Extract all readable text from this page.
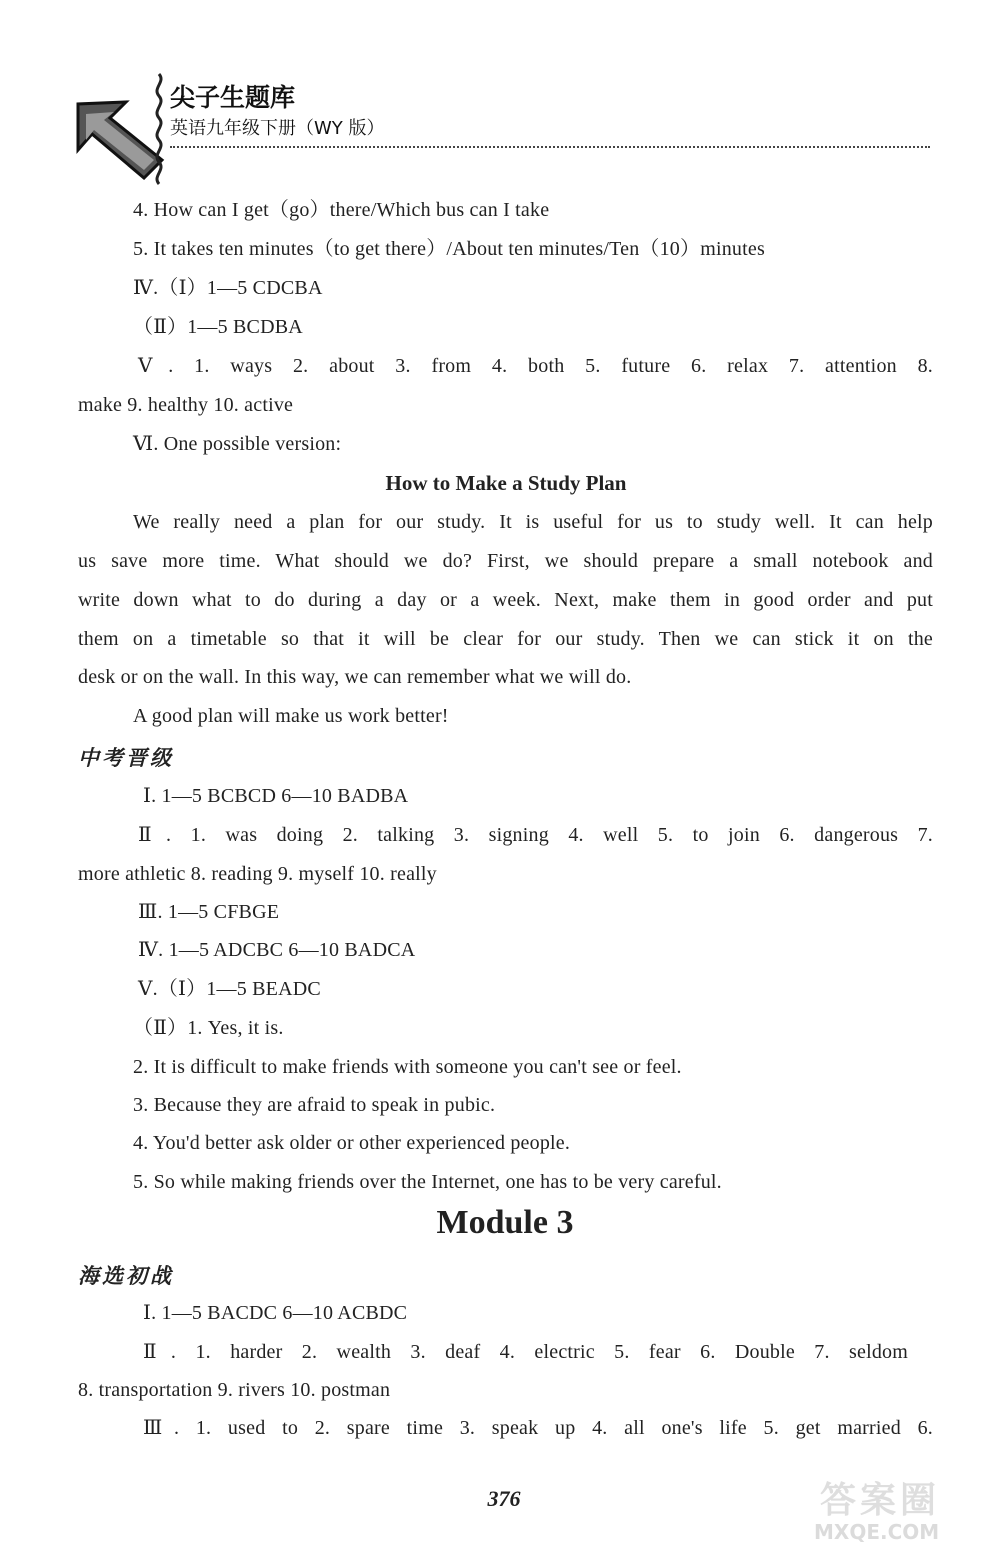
尖子生题库
英语九年级下册（WY 版）
4. How can I get（go）there/Which bus can I take
5. It takes ten minutes（to get there）/About ten minutes/Ten（10）minutes
Ⅳ.（Ⅰ）1—5 CDCBA
（Ⅱ）1—5 BCDBA
Ⅴ. 1. ways 2. about 3. from 4. both 5. future 6. relax 7. attention 8.
make 9. healthy 10. active
Ⅵ. One possible version:
How to Make a Study Plan
We really need a plan for our study. It is useful for us to study well. It can help
us save more time. What should we do? First, we should prepare a small notebook and
write down what to do during a day or a week. Next, make them in good order and put
them on a timetable so that it will be clear for our study. Then we can stick it on the
desk or on the wall. In this way, we can remember what we will do.
A good plan will make us work better!
中考晋级
Ⅰ. 1—5 BCBCD 6—10 BADBA
Ⅱ. 1. was doing 2. talking 3. signing 4. well 5. to join 6. dangerous 7.
more athletic 8. reading 9. myself 10. really
Ⅲ. 1—5 CFBGE
Ⅳ. 1—5 ADCBC 6—10 BADCA
Ⅴ.（Ⅰ）1—5 BEADC
（Ⅱ）1. Yes, it is.
2. It is difficult to make friends with someone you can't see or feel.
3. Because they are afraid to speak in pubic.
4. You'd better ask older or other experienced people.
5. So while making friends over the Internet, one has to be very careful.
Module 3
海选初战
Ⅰ. 1—5 BACDC 6—10 ACBDC
Ⅱ. 1. harder 2. wealth 3. deaf 4. electric 5. fear 6. Double 7. seldom
8. transportation 9. rivers 10. postman
Ⅲ. 1. used to 2. spare time 3. speak up 4. all one's life 5. get married 6.
376	答案圈
MXQE.COM
